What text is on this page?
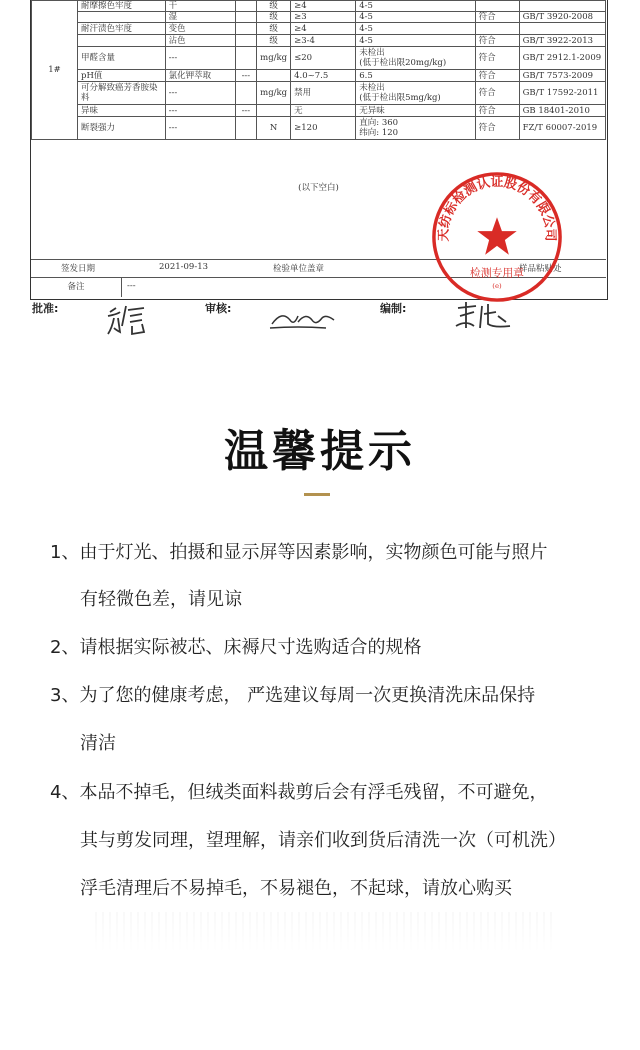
1#	耐摩擦色牢度	干		级	≥4	4-5		

		湿		级	≥3	4-5	符合	GB/T 3920-2008
	耐汗渍色牢度	变色		级	≥4	4-5		

		沾色		级	≥3-4	4-5	符合	GB/T 3922-2013
	甲醛含量	---		mg/kg	≤20	未检出
(低于检出限20mg/kg)	符合	GB/T 2912.1-2009
	pH值	氯化钾萃取	---		4.0~7.5	6.5	符合	GB/T 7573-2009
	可分解致癌芳香胺染料	---		mg/kg	禁用	未检出
(低于检出限5mg/kg)	符合	GB/T 17592-2011
	异味	---	---		无	无异味	符合	GB 18401-2010
	断裂强力	---		N	≥120	直向: 360
纬向: 120	符合	FZ/T 60007-2019
(以下空白)
签发日期	2021-09-13	检验单位盖章	样品粘贴处
备注	---
天纺标检测认证股份有限公司
检测专用章
(e)
批准:	审核:	编制:
温馨提示
1、由于灯光、拍摄和显示屏等因素影响，实物颜色可能与照片
有轻微色差，请见谅
2、请根据实际被芯、床褥尺寸选购适合的规格
3、为了您的健康考虑， 严选建议每周一次更换清洗床品保持
清洁
4、本品不掉毛，但绒类面料裁剪后会有浮毛残留，不可避免，
其与剪发同理，望理解，请亲们收到货后清洗一次（可机洗）
浮毛清理后不易掉毛，不易褪色，不起球，请放心购买
